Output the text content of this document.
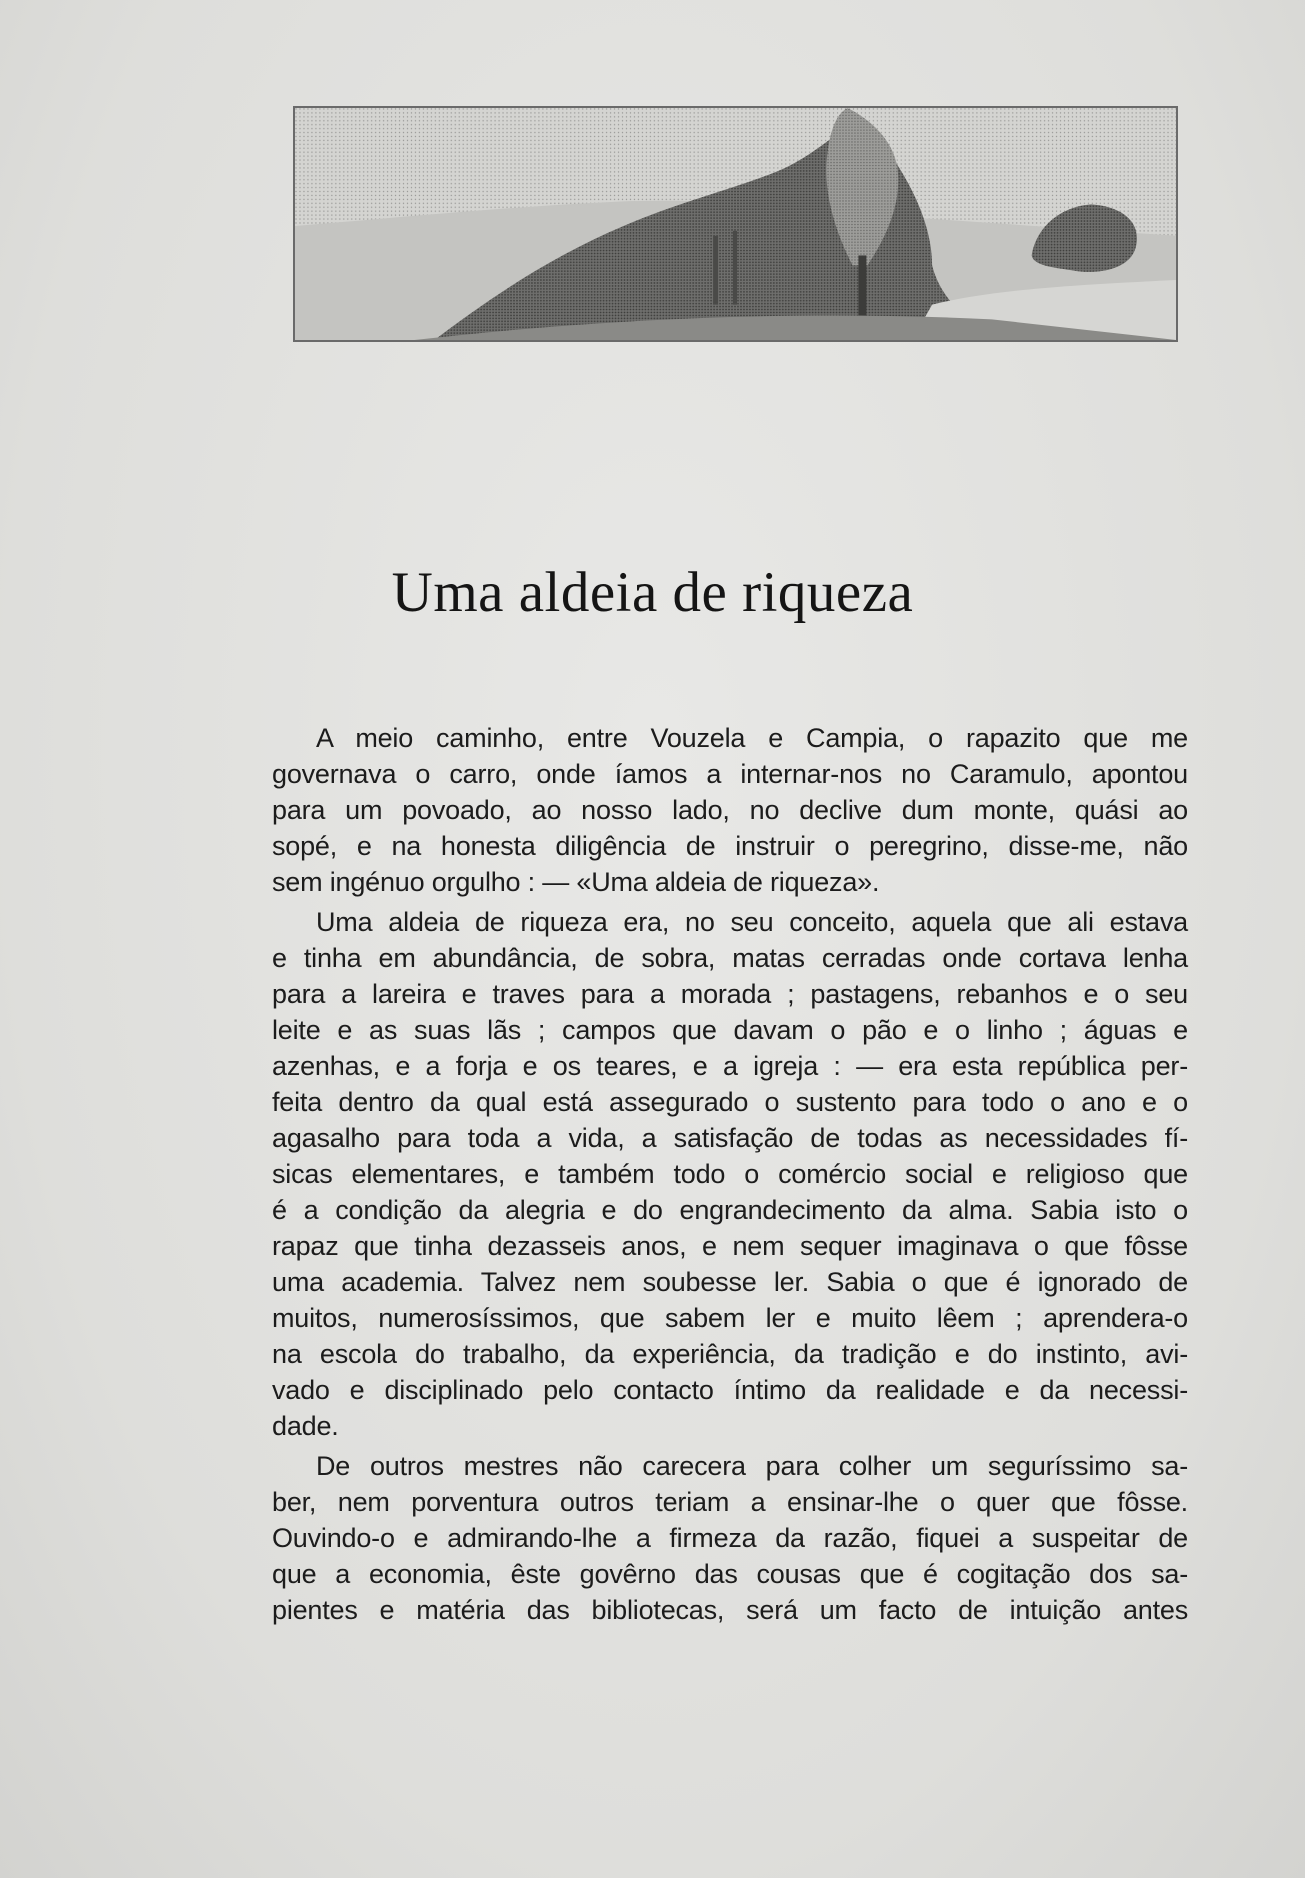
Uma aldeia de riqueza
A meio caminho, entre Vouzela e Campia, o rapazito que me
governava o carro, onde íamos a internar-nos no Caramulo, apontou
para um povoado, ao nosso lado, no declive dum monte, quási ao
sopé, e na honesta diligência de instruir o peregrino, disse-me, não
sem ingénuo orgulho : — «Uma aldeia de riqueza».
Uma aldeia de riqueza era, no seu conceito, aquela que ali estava
e tinha em abundância, de sobra, matas cerradas onde cortava lenha
para a lareira e traves para a morada ; pastagens, rebanhos e o seu
leite e as suas lãs ; campos que davam o pão e o linho ; águas e
azenhas, e a forja e os teares, e a igreja : — era esta república per-
feita dentro da qual está assegurado o sustento para todo o ano e o
agasalho para toda a vida, a satisfação de todas as necessidades fí-
sicas elementares, e também todo o comércio social e religioso que
é a condição da alegria e do engrandecimento da alma. Sabia isto o
rapaz que tinha dezasseis anos, e nem sequer imaginava o que fôsse
uma academia. Talvez nem soubesse ler. Sabia o que é ignorado de
muitos, numerosíssimos, que sabem ler e muito lêem ; aprendera-o
na escola do trabalho, da experiência, da tradição e do instinto, avi-
vado e disciplinado pelo contacto íntimo da realidade e da necessi-
dade.
De outros mestres não carecera para colher um seguríssimo sa-
ber, nem porventura outros teriam a ensinar-lhe o quer que fôsse.
Ouvindo-o e admirando-lhe a firmeza da razão, fiquei a suspeitar de
que a economia, êste govêrno das cousas que é cogitação dos sa-
pientes e matéria das bibliotecas, será um facto de intuição antes
